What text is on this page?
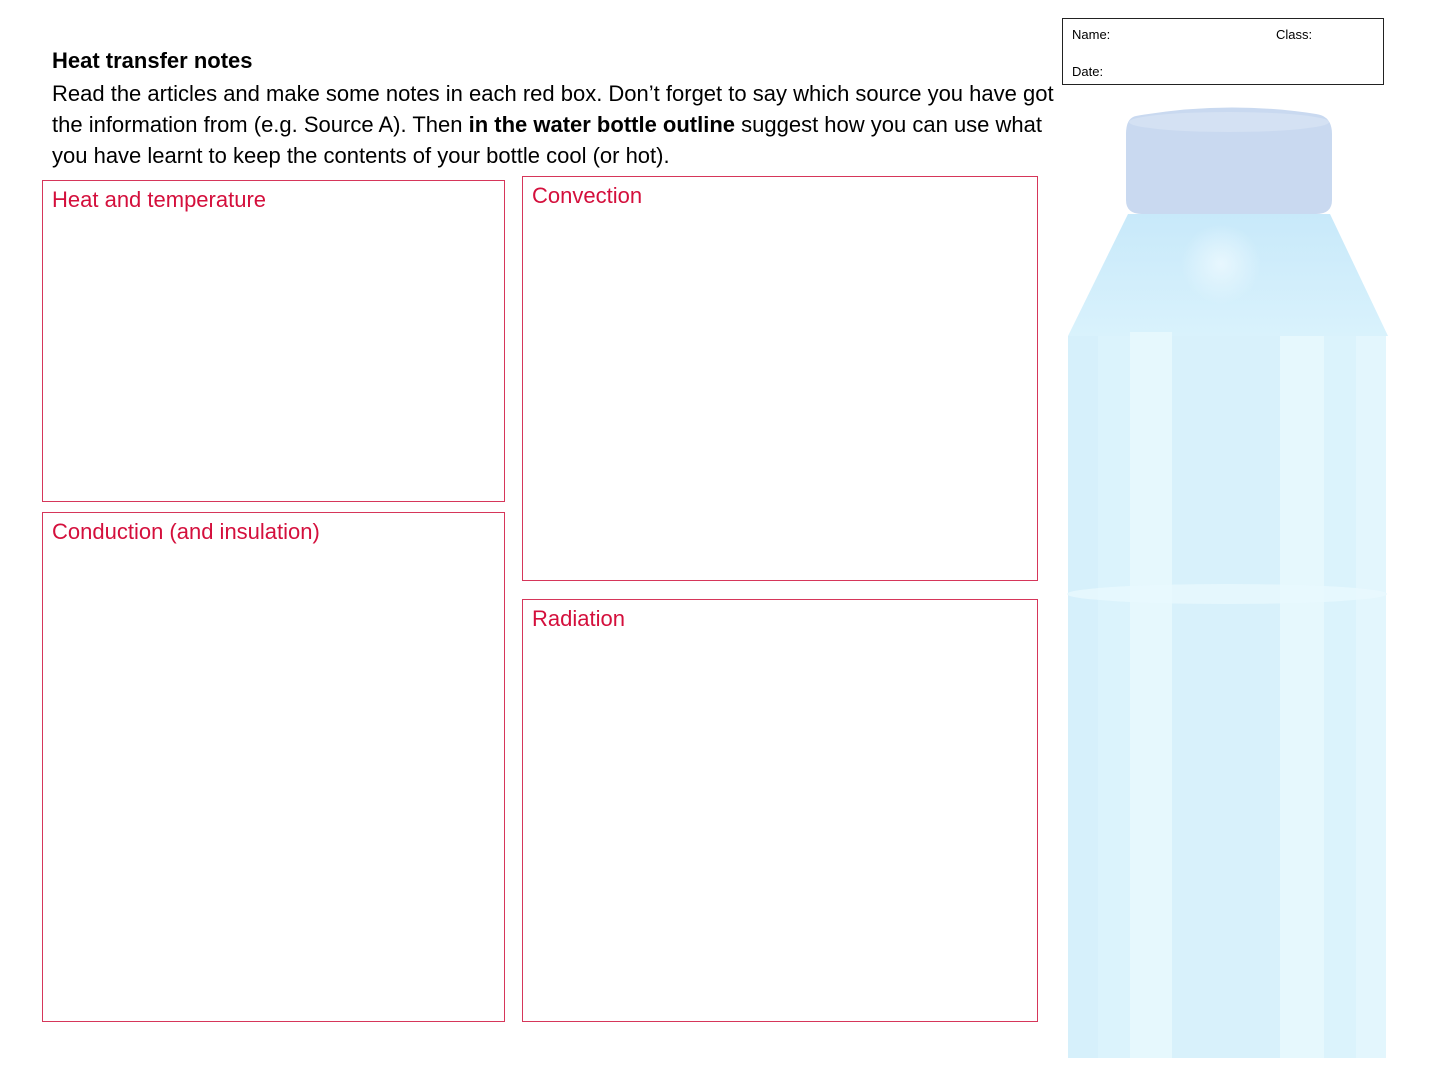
Name:	Class:
Date:
Heat transfer notes
Read the articles and make some notes in each red box. Don’t forget to say which source you have got the information from (e.g. Source A). Then in the water bottle outline suggest how you can use what you have learnt to keep the contents of your bottle cool (or hot).
Heat and temperature
Conduction (and insulation)
Convection
Radiation
